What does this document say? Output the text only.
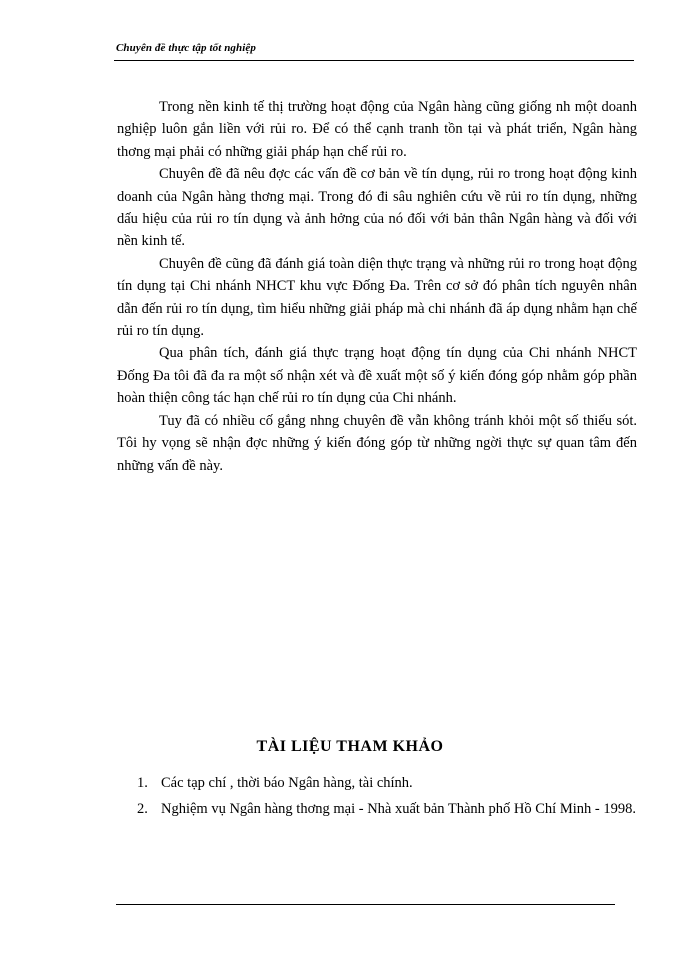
Chuyên đề thực tập tốt nghiệp

Trong nền kinh tế thị trường hoạt động của Ngân hàng cũng giống nh một doanh nghiệp luôn gắn liền với rủi ro. Để có thể cạnh tranh tồn tại và phát triển, Ngân hàng thơng mại phải có những giải pháp hạn chế rủi ro.

Chuyên đề đã nêu đợc các vấn đề cơ bản về tín dụng, rủi ro trong hoạt động kinh doanh của Ngân hàng thơng mại. Trong đó đi sâu nghiên cứu về rủi ro tín dụng, những dấu hiệu của rủi ro tín dụng và ảnh hởng của nó đối với bản thân Ngân hàng và đối với nền kinh tế.

Chuyên đề cũng đã đánh giá toàn diện thực trạng và những rủi ro trong hoạt động tín dụng tại Chi nhánh NHCT khu vực Đống Đa. Trên cơ sở đó phân tích nguyên nhân dẫn đến rủi ro tín dụng, tìm hiểu những giải pháp mà chi nhánh đã áp dụng nhằm hạn chế rủi ro tín dụng.

Qua phân tích, đánh giá thực trạng hoạt động tín dụng của Chi nhánh NHCT Đống Đa tôi đã đa ra một số nhận xét và đề xuất một số ý kiến đóng góp nhằm góp phần hoàn thiện công tác hạn chế rủi ro tín dụng của Chi nhánh.

Tuy đã có nhiều cố gắng nhng chuyên đề vẫn không tránh khỏi một số thiếu sót. Tôi hy vọng sẽ nhận đợc những ý kiến đóng góp từ những ngời thực sự quan tâm đến những vấn đề này.

TÀI LIỆU THAM KHẢO
1. Các tạp chí , thời báo Ngân hàng, tài chính.
2. Nghiệm vụ Ngân hàng thơng mại - Nhà xuất bản Thành phố Hồ Chí Minh - 1998.
